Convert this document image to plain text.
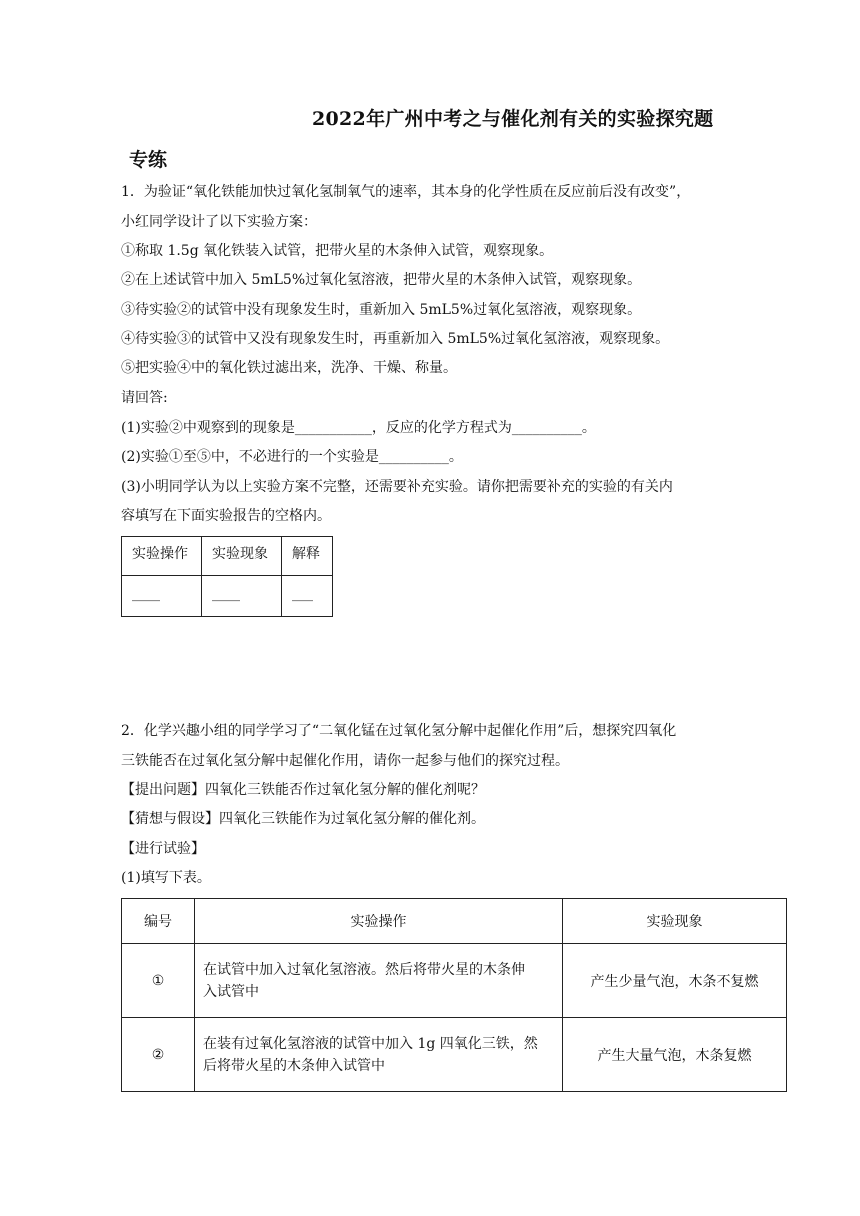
2022年广州中考之与催化剂有关的实验探究题
专练
1．为验证“氧化铁能加快过氧化氢制氧气的速率，其本身的化学性质在反应前后没有改变”，
小红同学设计了以下实验方案：
①称取 1.5g 氧化铁装入试管，把带火星的木条伸入试管，观察现象。
②在上述试管中加入 5mL5%过氧化氢溶液，把带火星的木条伸入试管，观察现象。
③待实验②的试管中没有现象发生时，重新加入 5mL5%过氧化氢溶液，观察现象。
④待实验③的试管中又没有现象发生时，再重新加入 5mL5%过氧化氢溶液，观察现象。
⑤把实验④中的氧化铁过滤出来，洗净、干燥、称量。
请回答:
(1)实验②中观察到的现象是___________，反应的化学方程式为__________。
(2)实验①至⑤中，不必进行的一个实验是__________。
(3)小明同学认为以上实验方案不完整，还需要补充实验。请你把需要补充的实验的有关内
容填写在下面实验报告的空格内。
实验操作	实验现象	解释
____	____	___
2．化学兴趣小组的同学学习了“二氧化锰在过氧化氢分解中起催化作用”后，想探究四氧化
三铁能否在过氧化氢分解中起催化作用，请你一起参与他们的探究过程。
【提出问题】四氧化三铁能否作过氧化氢分解的催化剂呢？
【猜想与假设】四氧化三铁能作为过氧化氢分解的催化剂。
【进行试验】
(1)填写下表。
编号	实验操作	实验现象
①	在试管中加入过氧化氢溶液。然后将带火星的木条伸
入试管中	产生少量气泡，木条不复燃
②	在装有过氧化氢溶液的试管中加入 1g 四氧化三铁，然
后将带火星的木条伸入试管中	产生大量气泡，木条复燃
